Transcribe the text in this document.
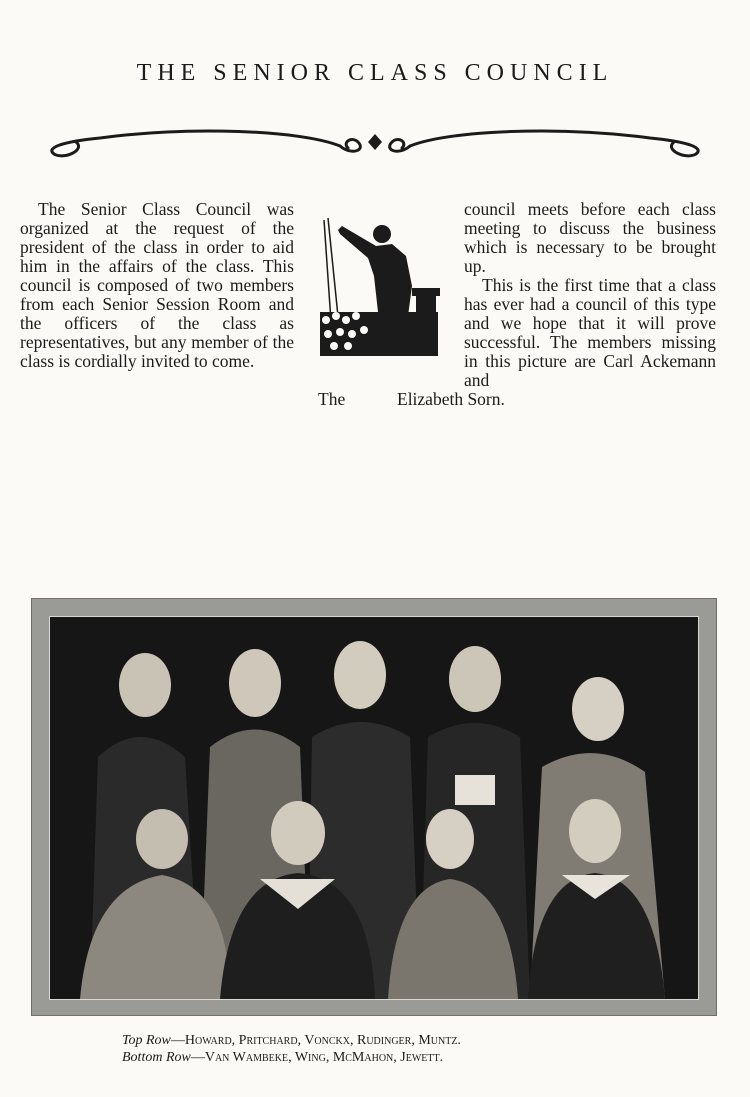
THE SENIOR CLASS COUNCIL

The Senior Class Council was organized at the request of the president of the class in order to aid him in the affairs of the class. This council is composed of two members from each Senior Session Room and the officers of the class as representatives, but any member of the class is cordially invited to come.

council meets before each class meeting to discuss the business which is necessary to be brought up.

This is the first time that a class has ever had a council of this type and we hope that it will prove successful. The members missing in this picture are Carl Ackemann and

The	Elizabeth Sorn.
Top Row—Howard, Pritchard, Vonckx, Rudinger, Muntz.
Bottom Row—Van Wambeke, Wing, McMahon, Jewett.
